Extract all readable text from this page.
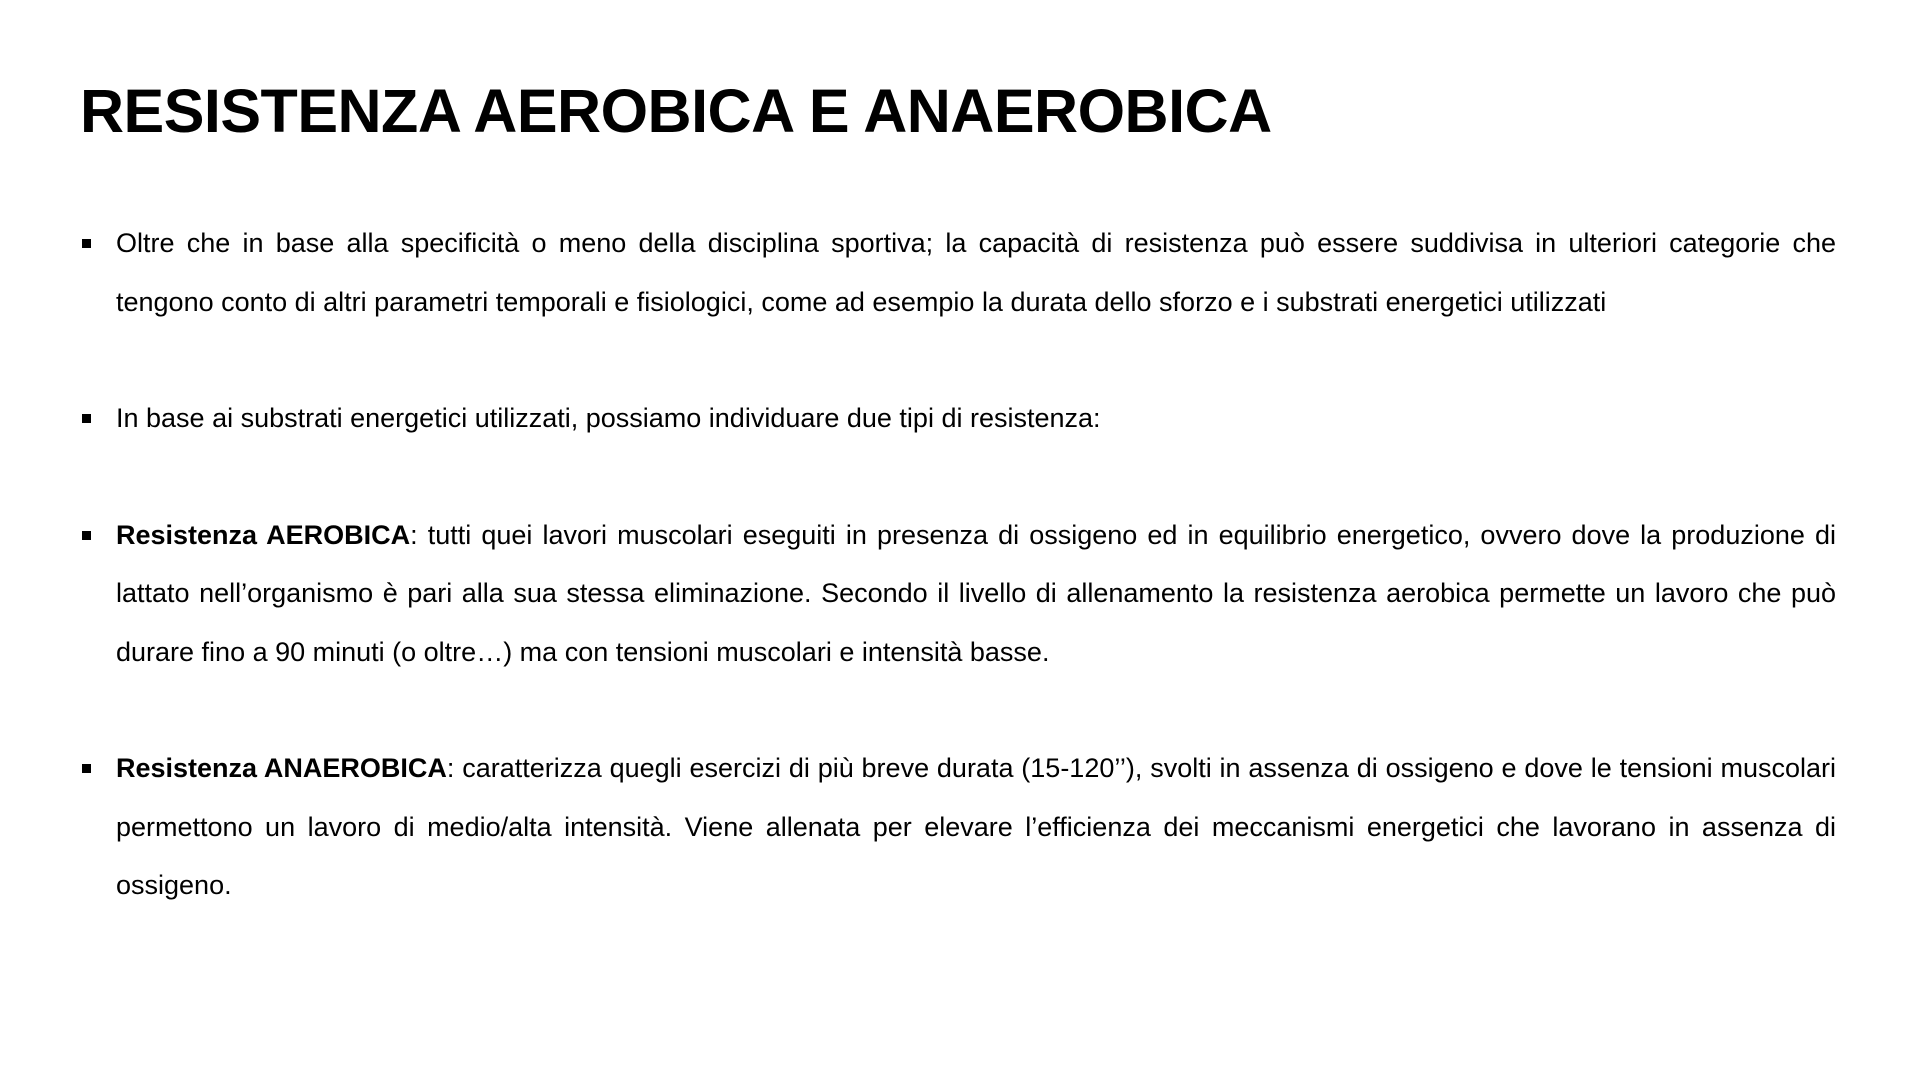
RESISTENZA AEROBICA E ANAEROBICA
Oltre che in base alla specificità o meno della disciplina sportiva; la capacità di resistenza può essere suddivisa in ulteriori categorie che tengono conto di altri parametri temporali e fisiologici, come ad esempio la durata dello sforzo e i substrati energetici utilizzati
In base ai substrati energetici utilizzati, possiamo individuare due tipi di resistenza:
Resistenza AEROBICA: tutti quei lavori muscolari eseguiti in presenza di ossigeno ed in equilibrio energetico, ovvero dove la produzione di lattato nell’organismo è pari alla sua stessa eliminazione. Secondo il livello di allenamento la resistenza aerobica permette un lavoro che può durare fino a 90 minuti (o oltre…) ma con tensioni muscolari e intensità basse.
Resistenza ANAEROBICA: caratterizza quegli esercizi di più breve durata (15-120’’), svolti in assenza di ossigeno e dove le tensioni muscolari permettono un lavoro di medio/alta intensità. Viene allenata per elevare l’efficienza dei meccanismi energetici che lavorano in assenza di ossigeno.
